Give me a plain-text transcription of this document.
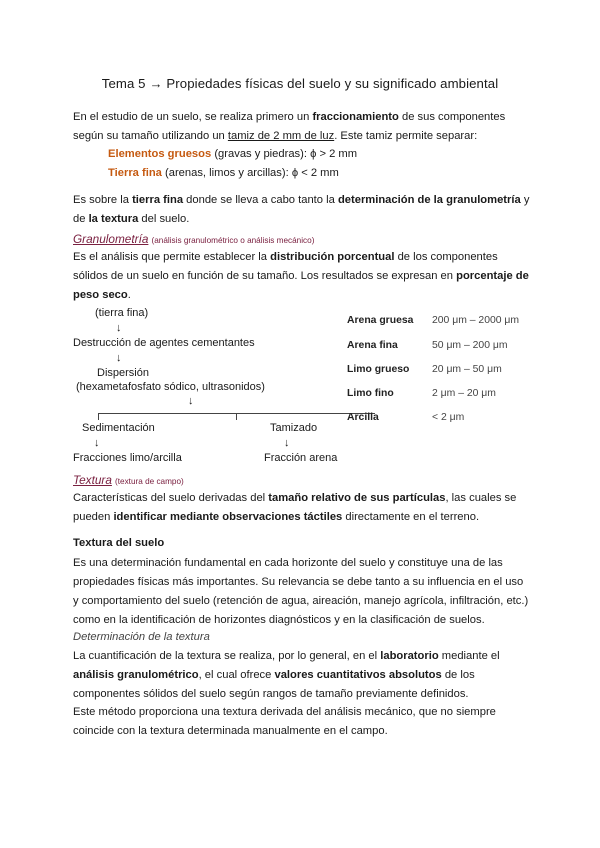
Tema 5 → Propiedades físicas del suelo y su significado ambiental
En el estudio de un suelo, se realiza primero un fraccionamiento de sus componentes según su tamaño utilizando un tamiz de 2 mm de luz. Este tamiz permite separar:
Elementos gruesos (gravas y piedras): ϕ > 2 mm
Tierra fina (arenas, limos y arcillas): ϕ < 2 mm
Es sobre la tierra fina donde se lleva a cabo tanto la determinación de la granulometría y de la textura del suelo.
Granulometría (análisis granulométrico o análisis mecánico)
Es el análisis que permite establecer la distribución porcentual de los componentes sólidos de un suelo en función de su tamaño. Los resultados se expresan en porcentaje de peso seco.
(tierra fina)
↓
Destrucción de agentes cementantes
↓
Dispersión
(hexametafosfato sódico, ultrasonidos)
↓
Sedimentación	Tamizado
↓	↓
Fracciones limo/arcilla	Fracción arena
Arena gruesa 200 μm – 2000 μm
Arena fina	50 μm – 200 μm
Limo grueso 20 μm – 50 μm
Limo fino	2 μm – 20 μm
Arcilla	< 2 μm
Textura (textura de campo)
Características del suelo derivadas del tamaño relativo de sus partículas, las cuales se pueden identificar mediante observaciones táctiles directamente en el terreno.
Textura del suelo
Es una determinación fundamental en cada horizonte del suelo y constituye una de las propiedades físicas más importantes. Su relevancia se debe tanto a su influencia en el uso y comportamiento del suelo (retención de agua, aireación, manejo agrícola, infiltración, etc.) como en la identificación de horizontes diagnósticos y en la clasificación de suelos.
Determinación de la textura
La cuantificación de la textura se realiza, por lo general, en el laboratorio mediante el análisis granulométrico, el cual ofrece valores cuantitativos absolutos de los componentes sólidos del suelo según rangos de tamaño previamente definidos.
Este método proporciona una textura derivada del análisis mecánico, que no siempre coincide con la textura determinada manualmente en el campo.
